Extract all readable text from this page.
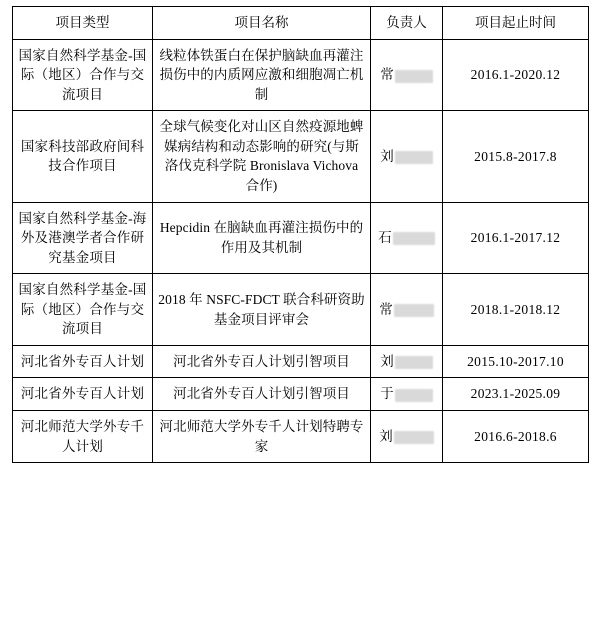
项目类型	项目名称	负责人	项目起止时间
国家自然科学基金-国际（地区）合作与交流项目	线粒体铁蛋白在保护脑缺血再灌注损伤中的内质网应激和细胞凋亡机制	常	2016.1-2020.12
国家科技部政府间科技合作项目	全球气候变化对山区自然疫源地蜱媒病结构和动态影响的研究(与斯洛伐克科学院 Bronislava Vichova 合作)	刘	2015.8-2017.8
国家自然科学基金-海外及港澳学者合作研究基金项目	Hepcidin 在脑缺血再灌注损伤中的作用及其机制	石	2016.1-2017.12
国家自然科学基金-国际（地区）合作与交流项目	2018 年 NSFC-FDCT 联合科研资助基金项目评审会	常	2018.1-2018.12
河北省外专百人计划	河北省外专百人计划引智项目	刘	2015.10-2017.10
河北省外专百人计划	河北省外专百人计划引智项目	于	2023.1-2025.09
河北师范大学外专千人计划	河北师范大学外专千人计划特聘专家	刘	2016.6-2018.6
